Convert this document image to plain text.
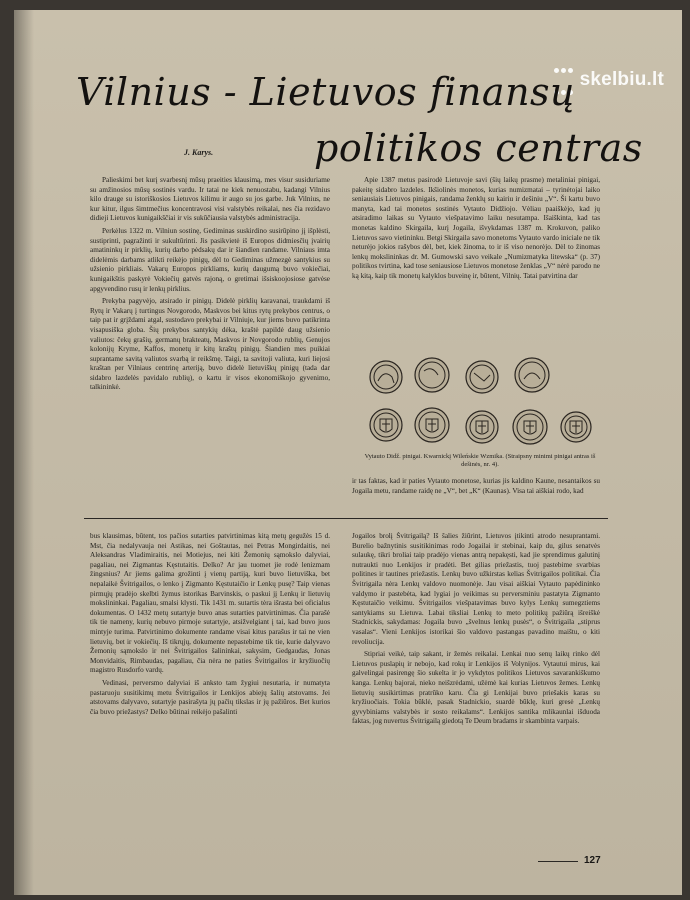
skelbiu.lt
Vilnius - Lietuvos finansų
J. Karys.	politikos centras

Palieskimi bet kurį svarbesnį mūsų praeities klausimą, mes visur susiduriame su amžinosios mūsų sostinės vardu. Ir tatai ne kiek nenuostabu, kadangi Vilnius kilo drauge su istoriškosios Lietuvos kilimu ir augo su jos garbe. Juk Vilnius, ne kur kitur, ilgus šimtmečius koncentravosi visi valstybės reikalai, nes čia rezidavo didieji Lietuvos kunigaikščiai ir vis sukūčiausia valstybės administracija.

Perkėlus 1322 m. Vilniun sostinę, Gediminas suskirdino susirūpino jį išplėsti, sustiprinti, pagražinti ir sukultūrinti. Jis pasikvietė iš Europos didmiesčių įvairių amatininkų ir pirklių, kurių darbo pėdsakų dar ir šiandien randame. Vilniaus imta didelėmis darbams atlikti reikėjo pinigų, dėl to Gediminas užmezgė santykius su užsienio pirkliais. Vakarų Europos pirkliams, kurių daugumą buvo vokiečiai, kunigaikštis paskyrė Vokiečių gatvės rajoną, o gretimai išsiskoojosiose gatvėse apgyvendino rusų ir lenkų pirklius.

Prekyba pagyvėjo, atsirado ir pinigų. Didelė pirklių karavanai, traukdami iš Rytų ir Vakarų į turtingus Novgorodo, Maskvos bei kitus rytų prekybos centrus, o taip pat ir grįždami atgal, sustodavo prekybai ir Vilniuje, kur jiems buvo patikrinta visapusiška globa. Šių prekybos santykių dėka, kraštė papildė daug užsienio valiutos: čekų grašių, germanų brakteatų, Maskvos ir Novgorodo rublių, Genujos kolonijų Kryme, Kaffos, monetų ir kitų kraštų pinigų. Šiandien mes puikiai suprantame savitą valiutos svarbą ir reikšmę. Taigi, ta savitoji valiuta, kuri liejosi kraštan per Vilniaus centrinę arteriją, buvo didelė lietuviškų pinigų (tada dar sidabro lazdelės pavidalo rublių), o kartu ir visos ekonomiškojo gyvenimo, talkininkė.

Apie 1387 metus pasirodė Lietuvoje savi (šių laikų prasme) metaliniai pinigai, pakeitę sidabro lazdeles. Ikšiolinės monetos, kurias numizmatai – tyrinėtojai laiko seniausiais Lietuvos pinigais, randama ženklų su kairiu ir dešiniu „V“. Ši kartu buvo manyta, kad tai monetos sostinės Vytauto Didžiojo. Vėliau paaiškėjo, kad jų atsiradimo laikas su Vytauto viešpatavimo laiku nesutampa. Išaiškinta, kad tas monetas kaldino Skirgaila, kurį Jogaila, išvykdamas 1387 m. Krokuvon, paliko Lietuvos savo vietininku. Betgi Skirgaila savo monetoms Vytauto vardo iniciale ne tik neturėjo jokios rašybos dėl, bet, kiek žinoma, to ir iš viso nenorėjo. Dėl to žinomas lenkų mokslininkas dr. M. Gumowski savo veikale „Numizmatyka litewska“ (p. 37) politikos tvirtina, kad tose seniausiose Lietuvos monetose ženklas „V“ nėrė parodo ne ką kitą, kaip tik monetų kalyklos buveinę ir, būtent, Vilnių. Tatai patvirtina dar

Vytauto Didž. pinigai. Kwarnickį Wileńskie Wzmika. (Straipsny minimi pinigai antras iš dešinės, nr. 4).

ir tas faktas, kad ir paties Vytauto monetose, kurias jis kaldino Kaune, nesantaikos su Jogaila metu, randame raidę ne „V“, bet „K“ (Kaunas). Visa tai aiškiai rodo, kad

bus klausimas, būtent, tos pačios sutarties patvirtinimas kitą metų gegužės 15 d. Mst, čia nedalyvauja nei Astikas, nei Goštautas, nei Petras Mongirdaitis, nei Aleksandras Vladimiraitis, nei Motiejus, nei kiti Žemonių sąmokslo dalyviai, pagaliau, nei Zigmantas Kęstutaitis. Delko? Ar jau tuomet jie rodė lenizmam žingsnius? Ar jiems galima grožinti į vienų partiją, kuri buvo lietuviška, bet nepalaikė Švitrigailos, o lenko į Zigmanto Kęstutaičio ir Lenkų pusę? Taip vienas pirmųjų pradėjo skelbti žymus istorikas Barvinskis, o paskui jį Lenkų ir lietuvių mokslininkai. Pagaliau, smalsi klysti. Tik 1431 m. sutartis tėra išrasta bei oficialus dokumentas. O 1432 metų sutartyje buvo anas sutarties patvirtinimas. Čia parašė tik tie nameny, kurių nebuvo pirmoje sutartyje, atsižvelgiant į tai, kad buvo juos mintyje turima. Patvirtinimo dokumente randame visai kitus parašus ir tai ne vien lietuvių, bet ir vokiečių. Iš tikrųjų, dokumente nepastebime tik tie, kurie dalyvavo Žemonių sąmokslo ir nei Švitrigailos šalininkai, sakysim, Gedgaudas, Jonas Monvidaitis, Rimbaudas, pagaliau, čia nėra ne paties Švitrigailos ir kryžiuočių magistro Rusdorfo vardų.

Vedinasi, perversmo dalyviai iš anksto tam žygiui nesutaria, ir numatyta pastaruoju susitikimų metu Švitrigailos ir Lenkijos abiejų šalių atstovams. Jei atstovams dalyvavo, sutartyje pasirašyta jų pačių tikslas ir jų pažiūros. Bet kurios čia buvo priežastys? Delko būtinai reikėjo pašalinti

Jogailos brolį Švitrigailą? Iš šalies žiūrint, Lietuvos įtikinti atrodo nesuprantami. Burelio bažnytinis susitikinimas rodo Jogailai ir stebinai, kaip du, gilus senatvės sulaukę, tikri broliai taip pradėjo vienas antrą nepakęsti, kad jie sprendimus galutinį nutraukti nuo Lenkijos ir pradėti. Bet gilias priežastis, tuoj pastebime svarbias politines ir tautines priežastis. Lenkų buvo užkirstas kelias Švitrigailos politikai. Čia Švitrigaila nėra Lenkų valdovo nuomonėje. Jau visai aiškiai Vytauto papėdininko valdymo ir pastebėta, kad lygiai jo veikimas su perversminiu pastatyta Zigmanto Kęstutaičio veikimu. Švitrigailos viešpatavimas buvo kylys Lenkų sumegztiems santykiams su Lietuva. Labai tiksliai Lenkų to meto politikų pažiūrą išreiškė Stadnickis, sakydamas: Jogaila buvo „švelnus lenkų pusės“, o Švitrigaila „stiprus vasalas“. Vieni Lenkijos istorikai šio valdovo pastangas pavadino maištu, o kiti revoliucija.

Stipriai veikė, taip sakant, ir žemės reikalai. Lenkai nuo senų laikų rinko dėl Lietuvos puslapių ir nebojo, kad rokų ir Lenkijos iš Volynijos. Vytautui mirus, kai galvelingai pasirengę šio sukelta ir jo vykdytos politikos Lietuvos savarankiškumo kanga. Lenkų bajorai, nieko neišzrėdami, užėmė kai kurias Lietuvos žemes. Lenkų lietuvių susikirtimas pratrūko karu. Čia gi Lenkijai buvo priešakis karas su kryžiuočiais. Tokia būklė, pasak Stadnickio, suardė būklę, kuri gresė „Lenkų gyvybiniams valstybės ir sosto reikalams“. Lenkijos santika mlikaunlai išduoda faktas, jog nuvertus Švitrigailą giedotą Te Deum bradams ir skambinta varpais.

127
